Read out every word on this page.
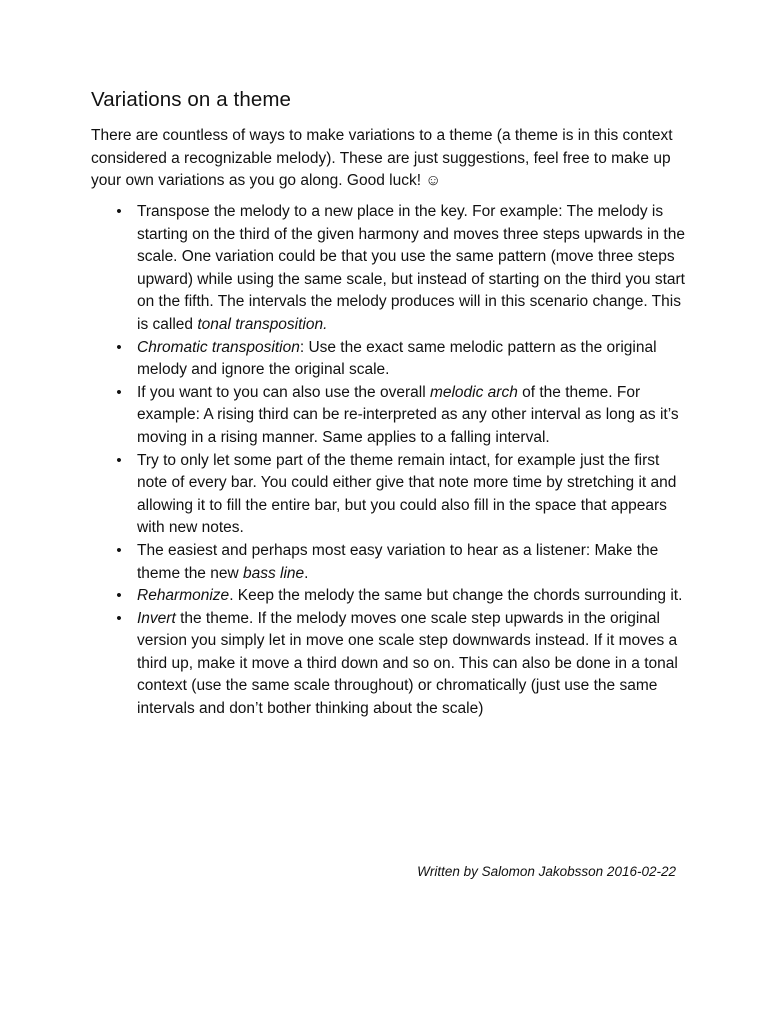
Variations on a theme

There are countless of ways to make variations to a theme (a theme is in this context considered a recognizable melody). These are just suggestions, feel free to make up your own variations as you go along. Good luck! ☺

• Transpose the melody to a new place in the key. For example: The melody is starting on the third of the given harmony and moves three steps upwards in the scale. One variation could be that you use the same pattern (move three steps upward) while using the same scale, but instead of starting on the third you start on the fifth. The intervals the melody produces will in this scenario change. This is called tonal transposition.
• Chromatic transposition: Use the exact same melodic pattern as the original melody and ignore the original scale.
• If you want to you can also use the overall melodic arch of the theme. For example: A rising third can be re-interpreted as any other interval as long as it’s moving in a rising manner. Same applies to a falling interval.
• Try to only let some part of the theme remain intact, for example just the first note of every bar. You could either give that note more time by stretching it and allowing it to fill the entire bar, but you could also fill in the space that appears with new notes.
• The easiest and perhaps most easy variation to hear as a listener: Make the theme the new bass line.
• Reharmonize. Keep the melody the same but change the chords surrounding it.
• Invert the theme. If the melody moves one scale step upwards in the original version you simply let in move one scale step downwards instead. If it moves a third up, make it move a third down and so on. This can also be done in a tonal context (use the same scale throughout) or chromatically (just use the same intervals and don’t bother thinking about the scale)

Written by Salomon Jakobsson 2016-02-22
